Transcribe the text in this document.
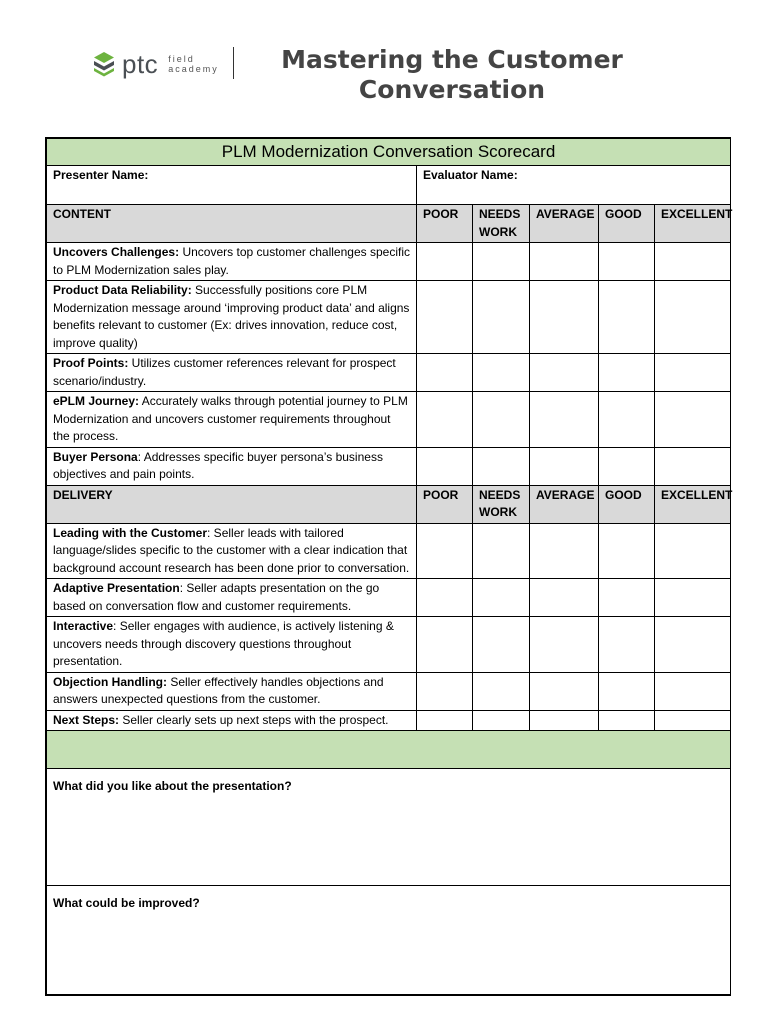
ptc field
academy	Mastering the Customer Conversation
PLM Modernization Conversation Scorecard					
Presenter Name:	Evaluator Name:				
CONTENT	POOR	NEEDS WORK	AVERAGE	GOOD	EXCELLENT
Uncovers Challenges: Uncovers top customer challenges specific to PLM Modernization sales play.					
Product Data Reliability: Successfully positions core PLM Modernization message around ‘improving product data’ and aligns benefits relevant to customer (Ex: drives innovation, reduce cost, improve quality)					
Proof Points: Utilizes customer references relevant for prospect scenario/industry.					
ePLM Journey: Accurately walks through potential journey to PLM Modernization and uncovers customer requirements throughout the process.					
Buyer Persona: Addresses specific buyer persona’s business objectives and pain points.					
DELIVERY	POOR	NEEDS WORK	AVERAGE	GOOD	EXCELLENT
Leading with the Customer: Seller leads with tailored language/slides specific to the customer with a clear indication that background account research has been done prior to conversation.					
Adaptive Presentation: Seller adapts presentation on the go based on conversation flow and customer requirements.					
Interactive: Seller engages with audience, is actively listening & uncovers needs through discovery questions throughout presentation.					
Objection Handling: Seller effectively handles objections and answers unexpected questions from the customer.					
Next Steps: Seller clearly sets up next steps with the prospect.					

What did you like about the presentation?					
What could be improved?					
